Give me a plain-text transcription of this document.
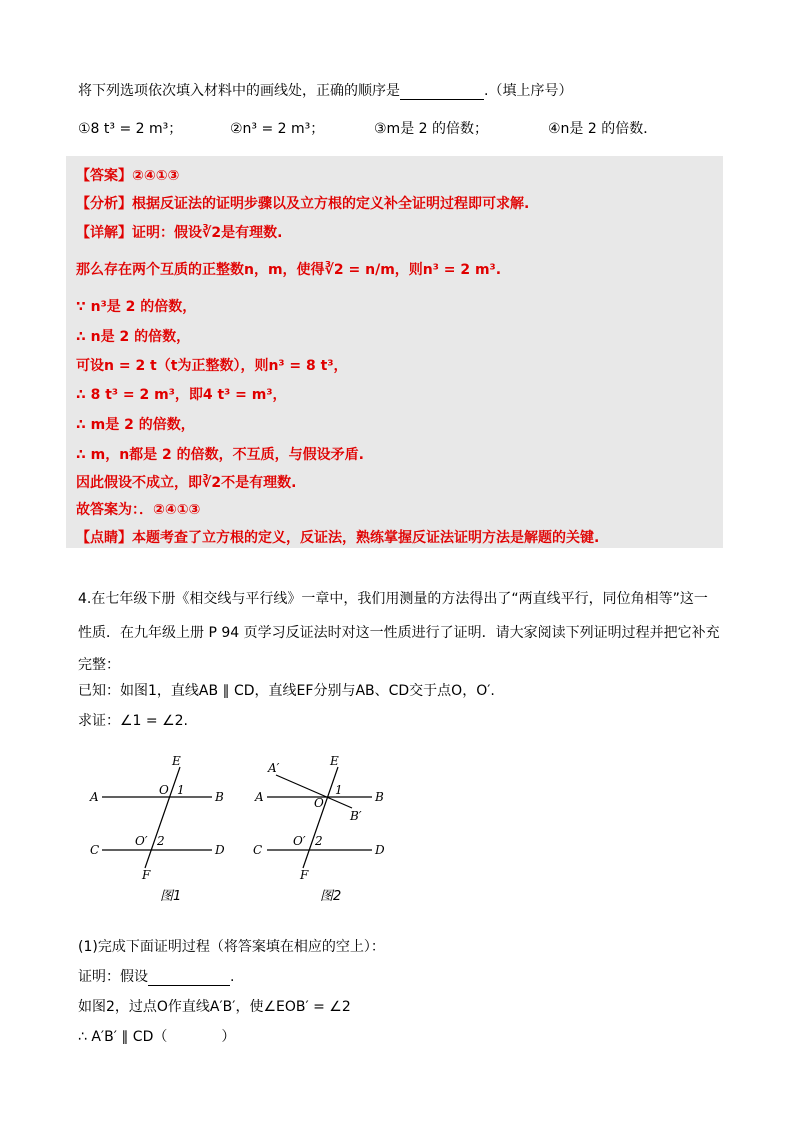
将下列选项依次填入材料中的画线处，正确的顺序是	.（填上序号）
①8 t³ = 2 m³；	②n³ = 2 m³；	③m是 2 的倍数；	④n是 2 的倍数．
【答案】②④①③
【分析】根据反证法的证明步骤以及立方根的定义补全证明过程即可求解.
【详解】证明：假设∛2是有理数.
那么存在两个互质的正整数n，m，使得∛2 = n/m，则n³ = 2 m³.
∵ n³是 2 的倍数，
∴ n是 2 的倍数，
可设n = 2 t（t为正整数），则n³ = 8 t³，
∴ 8 t³ = 2 m³，即4 t³ = m³，
∴ m是 2 的倍数，
∴ m，n都是 2 的倍数，不互质，与假设矛盾.
因此假设不成立，即∛2不是有理数.
故答案为：．②④①③
【点睛】本题考查了立方根的定义，反证法，熟练掌握反证法证明方法是解题的关键.
4.在七年级下册《相交线与平行线》一章中，我们用测量的方法得出了“两直线平行，同位角相等”这一
性质．在九年级上册 P 94 页学习反证法时对这一性质进行了证明．请大家阅读下列证明过程并把它补充
完整：
已知：如图1，直线AB ∥ CD，直线EF分别与AB、CD交于点O，O′.
求证：∠1 = ∠2.
A	B
C	D
E
F
O
O′
1
2
图1
A	B
C	D
E
F
O
O′
1
2
A′
B′
图2
(1)完成下面证明过程（将答案填在相应的空上）：
证明：假设	.
如图2，过点O作直线A′B′，使∠EOB′ = ∠2
∴ A′B′ ∥ CD（	）
